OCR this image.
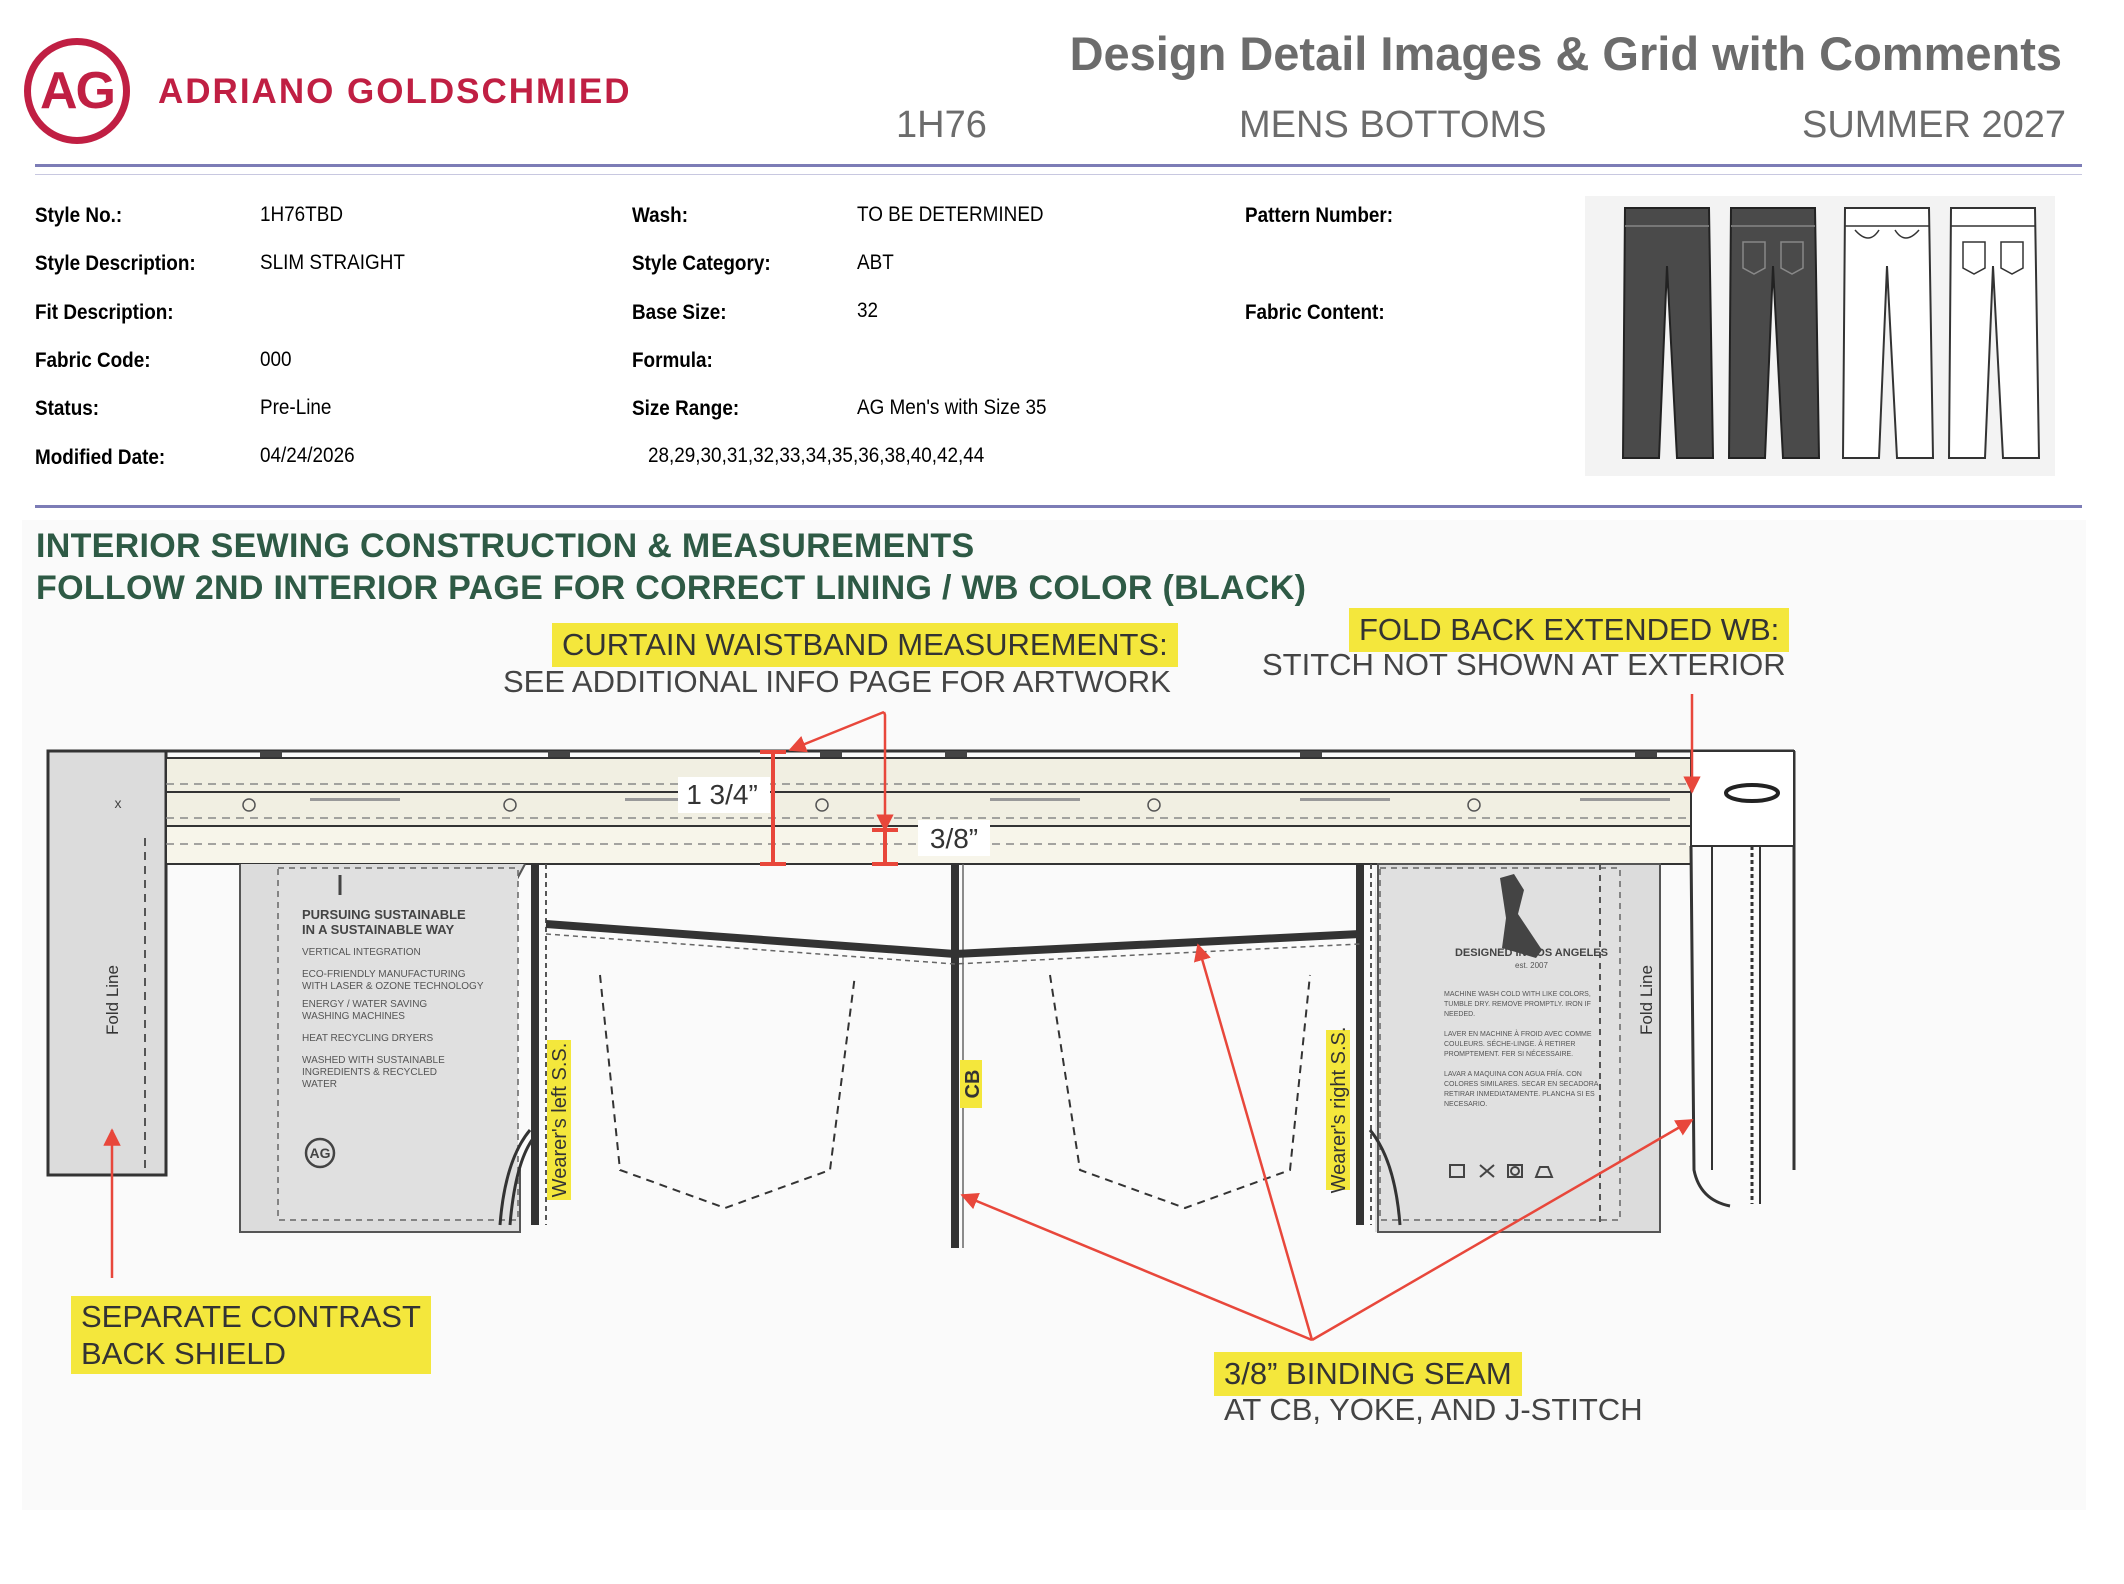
AG ADRIANO GOLDSCHMIED
Design Detail Images & Grid with Comments
1H76	MENS BOTTOMS	SUMMER 2027
Style No.:	1H76TBD
Style Description:	SLIM STRAIGHT
Fit Description:
Fabric Code:	000
Status:	Pre-Line
Modified Date:	04/24/2026
Wash:	TO BE DETERMINED
Style Category:	ABT
Base Size:	32
Formula:
Size Range:	AG Men's with Size 35
28,29,30,31,32,33,34,35,36,38,40,42,44
Pattern Number:
Fabric Content:
INTERIOR SEWING CONSTRUCTION & MEASUREMENTS
FOLLOW 2ND INTERIOR PAGE FOR CORRECT LINING / WB COLOR (BLACK)
CURTAIN WAISTBAND MEASUREMENTS:
SEE ADDITIONAL INFO PAGE FOR ARTWORK
FOLD BACK EXTENDED WB:
STITCH NOT SHOWN AT EXTERIOR
SEPARATE CONTRAST
BACK SHIELD
3/8” BINDING SEAM
AT CB, YOKE, AND J-STITCH
AG
Fold Line	Fold Line
x
Wearer's left S.S.	CB	Wearer's right S.S.
1 3/4”
3/8”
PURSUING SUSTAINABLE
IN A SUSTAINABLE WAY
VERTICAL INTEGRATION
ECO-FRIENDLY MANUFACTURING
WITH LASER & OZONE TECHNOLOGY
ENERGY / WATER SAVING
WASHING MACHINES
HEAT RECYCLING DRYERS
WASHED WITH SUSTAINABLE
INGREDIENTS & RECYCLED
WATER
DESIGNED IN LOS ANGELES
est. 2007
MACHINE WASH COLD WITH LIKE COLORS,
TUMBLE DRY. REMOVE PROMPTLY. IRON IF
NEEDED.
LAVER EN MACHINE À FROID AVEC COMME
COULEURS. SÉCHE-LINGE. À RETIRER
PROMPTEMENT. FER SI NÉCESSAIRE.
LAVAR A MAQUINA CON AGUA FRÍA. CON
COLORES SIMILARES. SECAR EN SECADORA.
RETIRAR INMEDIATAMENTE. PLANCHA SI ES
NECESARIO.
